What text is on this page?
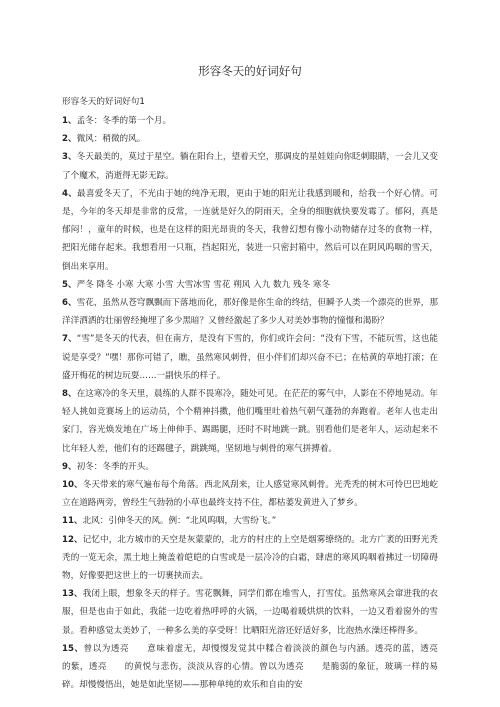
形容冬天的好词好句

形容冬天的好词好句1

1、孟冬：冬季的第一个月。

2、微风：稍微的风。

3、冬天最美的，莫过于星空。躺在阳台上，望着天空，那调皮的星娃娃向你眨刺眼睛，一会儿又变了个魔术，消逝得无影无踪。

4、最喜爱冬天了，不光由于她的纯净无瑕，更由于她的阳光让我感到暖和，给我一个好心情。可是，今年的冬天却是非常的反常，一连就是好久的阴雨天，全身的细胞就快要发霉了。郁闷，真是郁闷！，童年的时候，也是在这样的阳光昂贵的冬天，我曾幻想有像小动物储存过冬的食物一样，把阳光储存起来。我想看用一只瓶，挡起阳光，装进一只密封箱中，然后可以在阴风呜咽的雪天，倒出来享用。

5、严冬 降冬 小寒 大寒 小雪 大雪冰雪 雪花 朔风 入九 数九 残冬 寒冬

6、雪花，虽然从苍穹飘飘而下落地而化，那好像是你生命的终结，但瞬予人类一个漂亮的世界，那洋洋洒洒的壮丽曾经掩埋了多少黑暗？又曾经激起了多少人对美妙事物的憧憬和渴盼？

7、“雪”是冬天的代表，但在南方，是没有下雪的，你们或许会问：“没有下雪，不能玩雪，这也能说是享受？”嘿！那你可错了，瞧，虽然寒风刺骨，但小伴们们却兴奋不已；在枯黄的草地打滚；在盛开梅花的树边玩耍……一副快乐的样子。

8、在这寒冷的冬天里，晨练的人群不畏寒冷，随处可见。在茫茫的雾气中，人影在不停地晃动。年轻人挑如竞赛场上的运动员，个个精神抖擞，他们嘴里吐着热气朝气蓬勃的奔跑着。老年人也走出家门，容光焕发地在广场上伸伸手、踢踢腿，还时不时地跳一跳。别看他们是老年人，运动起来不比年轻人差，他们有的还踢毽子，跳跳绳，坚韧地与刺骨的寒气拼搏着。

9、初冬：冬季的开头。

10、冬天带来的寒气遍布每个角落。西北风刮来，让人感觉寒风刺骨。光秃秃的树木可怜巴巴地屹立在道路两旁，曾经生气勃勃的小草也最终支持不住，都枯萎发黄进入了梦乡。

11、北风：引伸冬天的风。例：“北风呜咽，大雪纷飞。”

12、记忆中，北方城市的天空是灰蒙蒙的，北方的村庄的上空是烟雾缭绕的。北方广袤的田野光秃秃的一览无余，黑土地上掩盖着皑皑的白雪或是一层冷冷的白霜，肆虐的寒风呜咽着拂过一切障碍物，好像要把这世上的一切裹挟而去。

13、我闭上眼，想象冬天的样子。雪花飘舞，同学们都在堆雪人，打雪仗。虽然寒风会窜进我的衣服，但是也由于如此，我能一边吃着热呼呼的火锅，一边喝着暖烘烘的饮料，一边又看着窗外的雪景。看种感觉太美妙了，一种多么美的享受呀！比晒阳光溶还好适好多，比泡热水澡还棒得多。

15、曾以为透亮　　意味着虚无，却慢慢发觉其中糅合着淡淡的颜色与内涵。透亮的蓝，透亮　　的紫，透亮　　的黄悦与悲伤，淡淡从容的心情。曾以为透亮　　是脆弱的象征，玻璃一样的易碎。却慢慢悟出，她是如此坚韧——那种单纯的欢乐和自由的安
